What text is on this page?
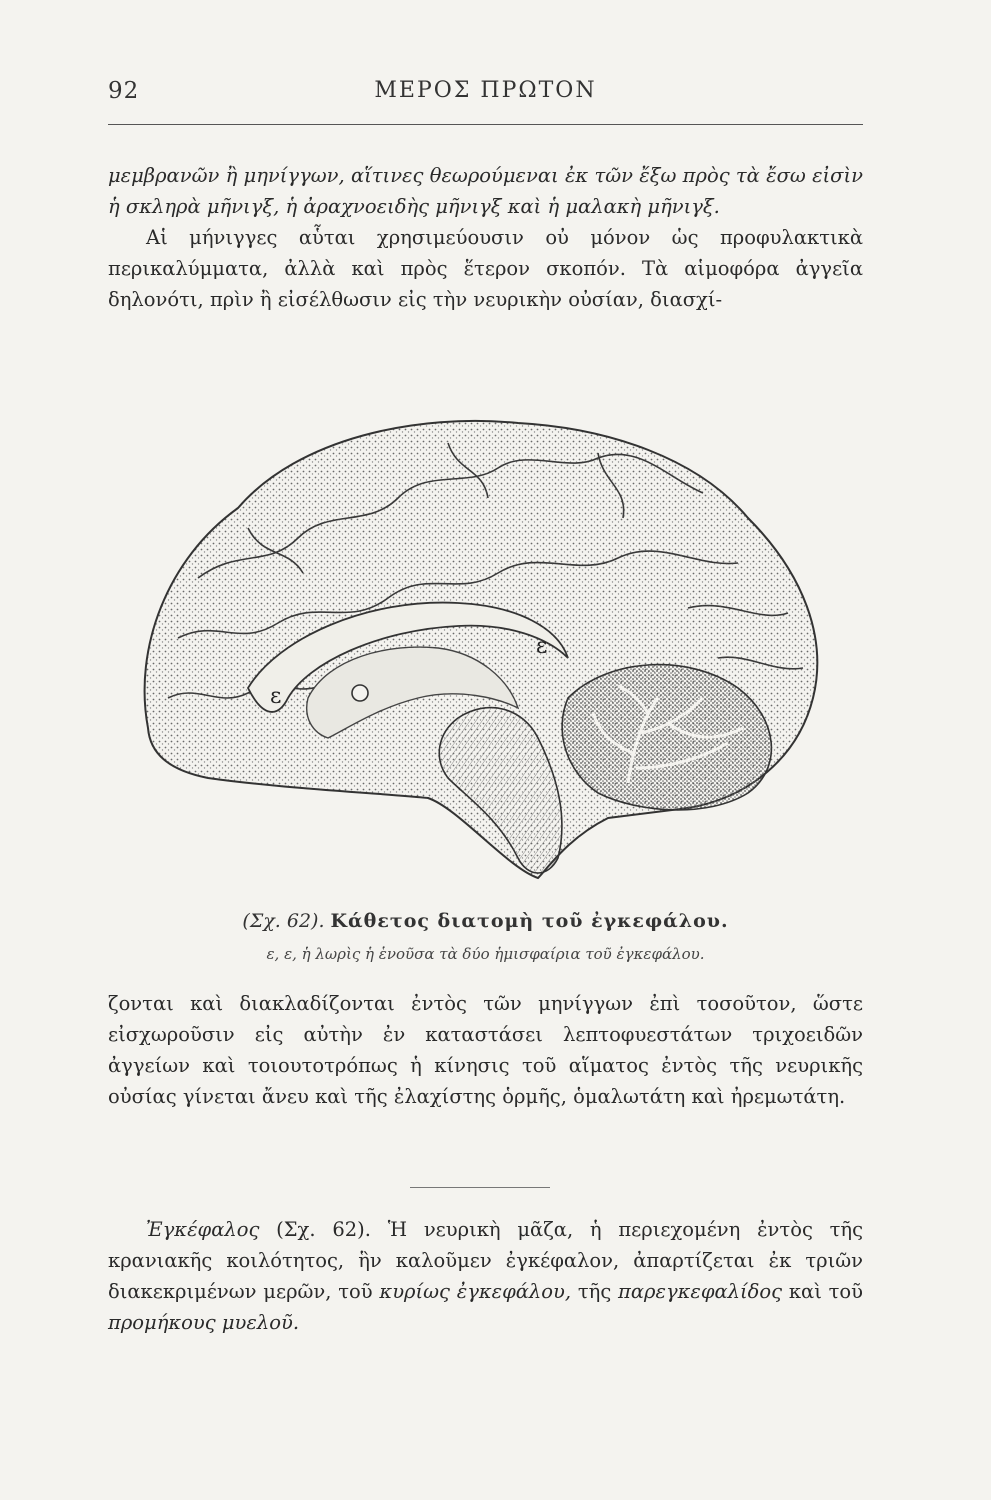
92	ΜΕΡΟΣ ΠΡΩΤΟΝ

μεμβρανῶν ἢ μηνίγγων, αἵτινες θεωρούμεναι ἐκ τῶν ἔξω πρὸς τὰ ἔσω εἰσὶν ἡ σκληρὰ μῆνιγξ, ἡ ἀραχνοειδὴς μῆνιγξ καὶ ἡ μαλακὴ μῆνιγξ.

Αἱ μήνιγγες αὗται χρησιμεύουσιν οὐ μόνον ὡς προφυλακτικὰ περικαλύμματα, ἀλλὰ καὶ πρὸς ἕτερον σκοπόν. Τὰ αἱμοφόρα ἀγγεῖα δηλονότι, πρὶν ἢ εἰσέλθωσιν εἰς τὴν νευρικὴν οὐσίαν, διασχί-

ε
ε
(Σχ. 62). Κάθετος διατομὴ τοῦ ἐγκεφάλου.
ε, ε, ἡ λωρὶς ἡ ἑνοῦσα τὰ δύο ἡμισφαίρια τοῦ ἐγκεφάλου.

ζονται καὶ διακλαδίζονται ἐντὸς τῶν μηνίγγων ἐπὶ τοσοῦτον, ὥστε εἰσχωροῦσιν εἰς αὐτὴν ἐν καταστάσει λεπτοφυεστάτων τριχοειδῶν ἀγγείων καὶ τοιουτοτρόπως ἡ κίνησις τοῦ αἵματος ἐντὸς τῆς νευρικῆς οὐσίας γίνεται ἄνευ καὶ τῆς ἐλαχίστης ὁρμῆς, ὁμαλωτάτη καὶ ἠρεμωτάτη.

Ἐγκέφαλος (Σχ. 62). Ἡ νευρικὴ μᾶζα, ἡ περιεχομένη ἐντὸς τῆς κρανιακῆς κοιλότητος, ἣν καλοῦμεν ἐγκέφαλον, ἀπαρτίζεται ἐκ τριῶν διακεκριμένων μερῶν, τοῦ κυρίως ἐγκεφάλου, τῆς παρεγκεφαλίδος καὶ τοῦ προμήκους μυελοῦ.
